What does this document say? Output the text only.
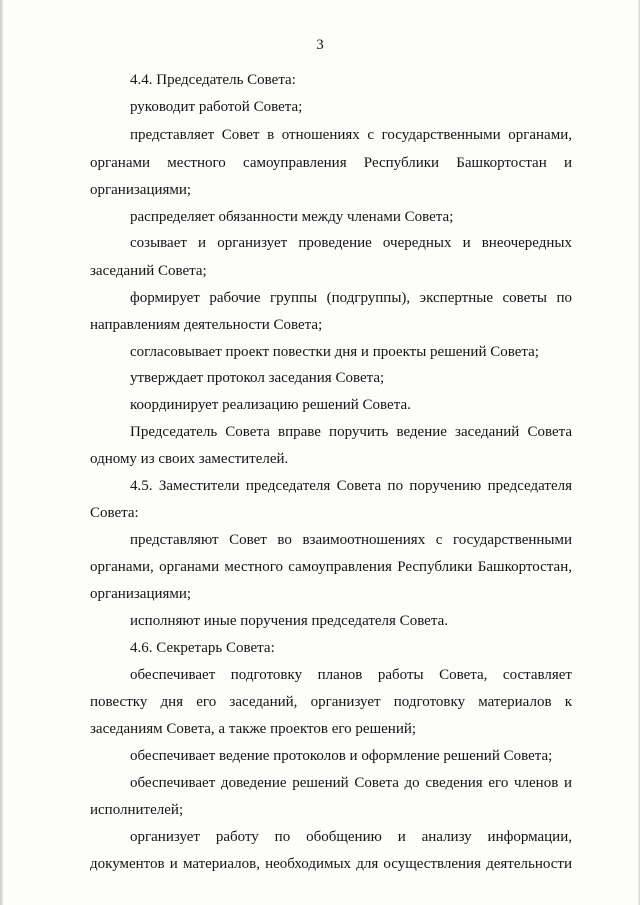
3
4.4. Председатель Совета:
руководит работой Совета;
представляет Совет в отношениях с государственными органами,
органами местного самоуправления Республики Башкортостан и
организациями;
распределяет обязанности между членами Совета;
созывает и организует проведение очередных и внеочередных
заседаний Совета;
формирует рабочие группы (подгруппы), экспертные советы по
направлениям деятельности Совета;
согласовывает проект повестки дня и проекты решений Совета;
утверждает протокол заседания Совета;
координирует реализацию решений Совета.
Председатель Совета вправе поручить ведение заседаний Совета
одному из своих заместителей.
4.5. Заместители председателя Совета по поручению председателя
Совета:
представляют Совет во взаимоотношениях с государственными
органами, органами местного самоуправления Республики Башкортостан,
организациями;
исполняют иные поручения председателя Совета.
4.6. Секретарь Совета:
обеспечивает подготовку планов работы Совета, составляет
повестку дня его заседаний, организует подготовку материалов к
заседаниям Совета, а также проектов его решений;
обеспечивает ведение протоколов и оформление решений Совета;
обеспечивает доведение решений Совета до сведения его членов и
исполнителей;
организует работу по обобщению и анализу информации,
документов и материалов, необходимых для осуществления деятельности
